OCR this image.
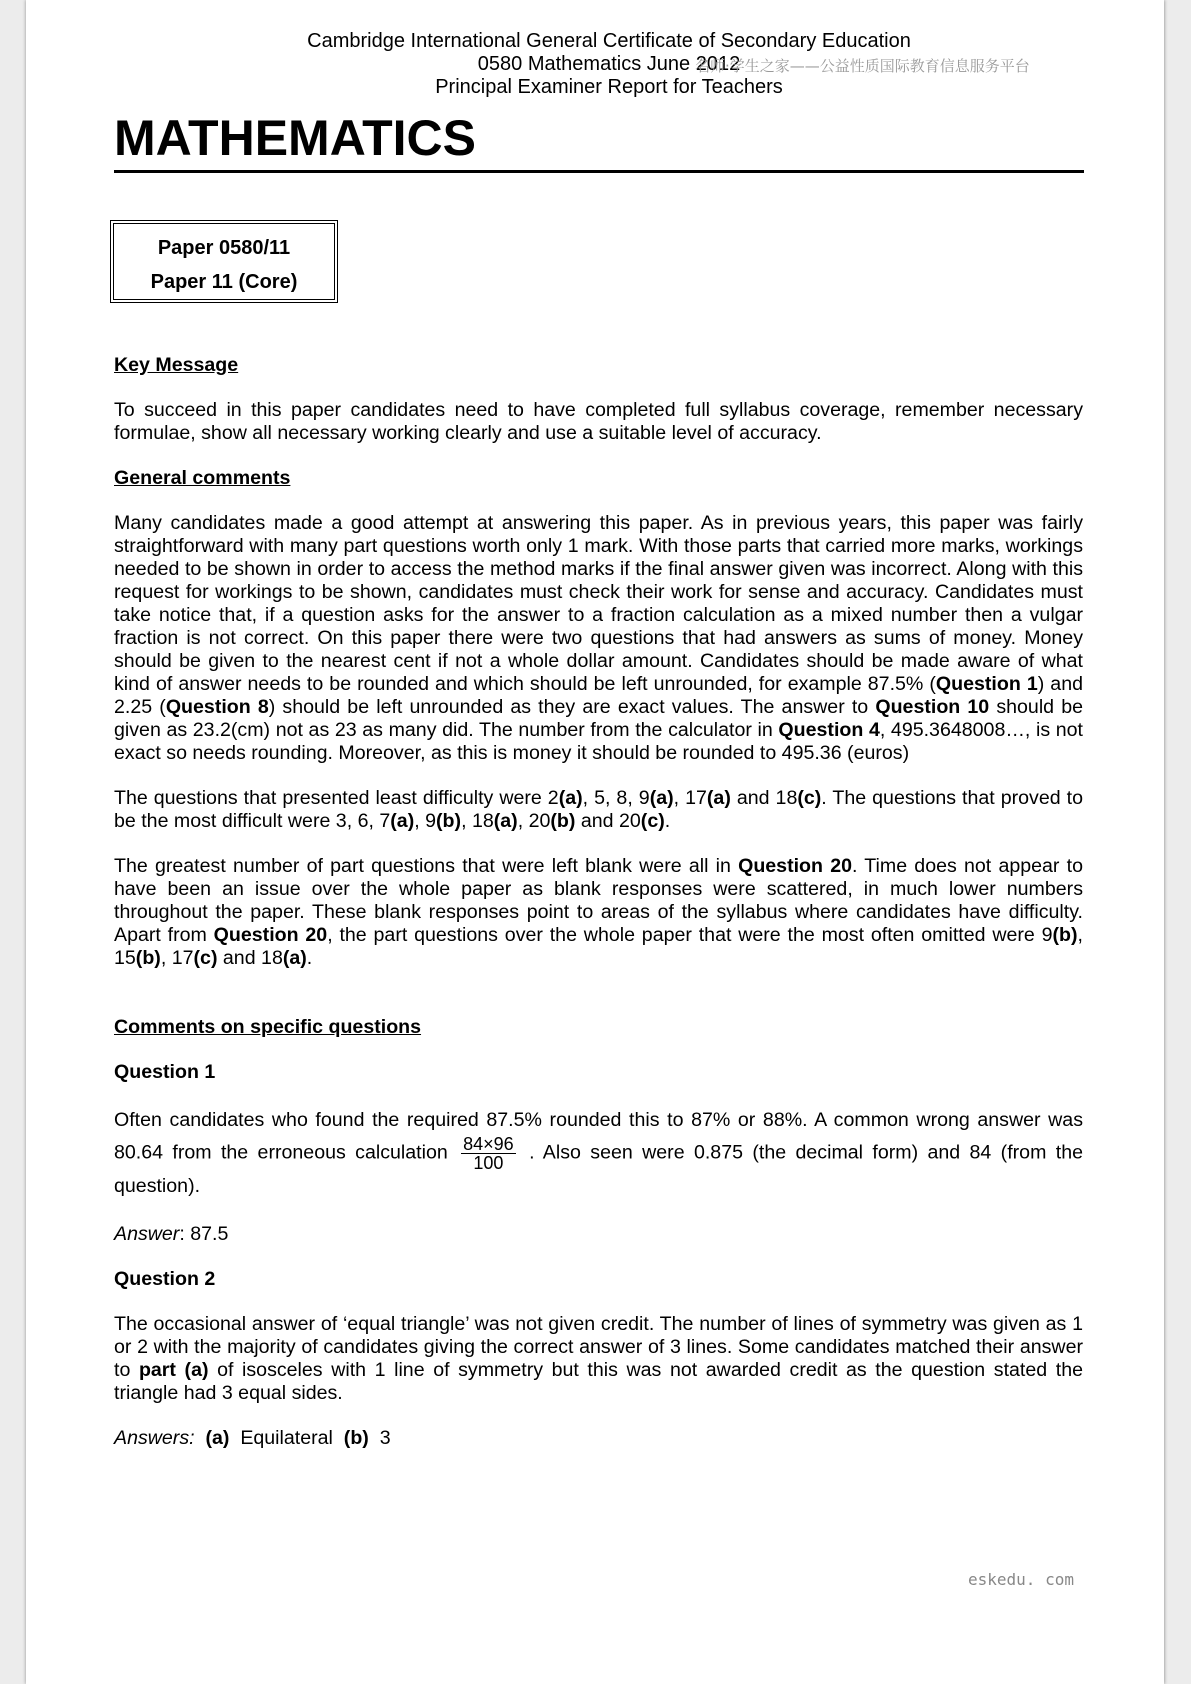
Cambridge International General Certificate of Secondary Education
0580 Mathematics June 2012
Principal Examiner Report for Teachers
名师·学生之家——公益性质国际教育信息服务平台
MATHEMATICS
Paper 0580/11
Paper 11 (Core)

Key Message

To succeed in this paper candidates need to have completed full syllabus coverage, remember necessary formulae, show all necessary working clearly and use a suitable level of accuracy.

General comments

Many candidates made a good attempt at answering this paper. As in previous years, this paper was fairly straightforward with many part questions worth only 1 mark. With those parts that carried more marks, workings needed to be shown in order to access the method marks if the final answer given was incorrect. Along with this request for workings to be shown, candidates must check their work for sense and accuracy. Candidates must take notice that, if a question asks for the answer to a fraction calculation as a mixed number then a vulgar fraction is not correct. On this paper there were two questions that had answers as sums of money. Money should be given to the nearest cent if not a whole dollar amount. Candidates should be made aware of what kind of answer needs to be rounded and which should be left unrounded, for example 87.5% (Question 1) and 2.25 (Question 8) should be left unrounded as they are exact values. The answer to Question 10 should be given as 23.2(cm) not as 23 as many did. The number from the calculator in Question 4, 495.3648008…, is not exact so needs rounding. Moreover, as this is money it should be rounded to 495.36 (euros)

The questions that presented least difficulty were 2(a), 5, 8, 9(a), 17(a) and 18(c). The questions that proved to be the most difficult were 3, 6, 7(a), 9(b), 18(a), 20(b) and 20(c).

The greatest number of part questions that were left blank were all in Question 20. Time does not appear to have been an issue over the whole paper as blank responses were scattered, in much lower numbers throughout the paper. These blank responses point to areas of the syllabus where candidates have difficulty. Apart from Question 20, the part questions over the whole paper that were the most often omitted were 9(b), 15(b), 17(c) and 18(a).

Comments on specific questions

Question 1

Often candidates who found the required 87.5% rounded this to 87% or 88%. A common wrong answer was 80.64 from the erroneous calculation $\frac{84\times 96}{100}$ . Also seen were 0.875 (the decimal form) and 84 (from the question).

Answer: 87.5

Question 2

The occasional answer of ‘equal triangle’ was not given credit. The number of lines of symmetry was given as 1 or 2 with the majority of candidates giving the correct answer of 3 lines. Some candidates matched their answer to part (a) of isosceles with 1 line of symmetry but this was not awarded credit as the question stated the triangle had 3 equal sides.

Answers: (a) Equilateral (b) 3

eskedu. com
